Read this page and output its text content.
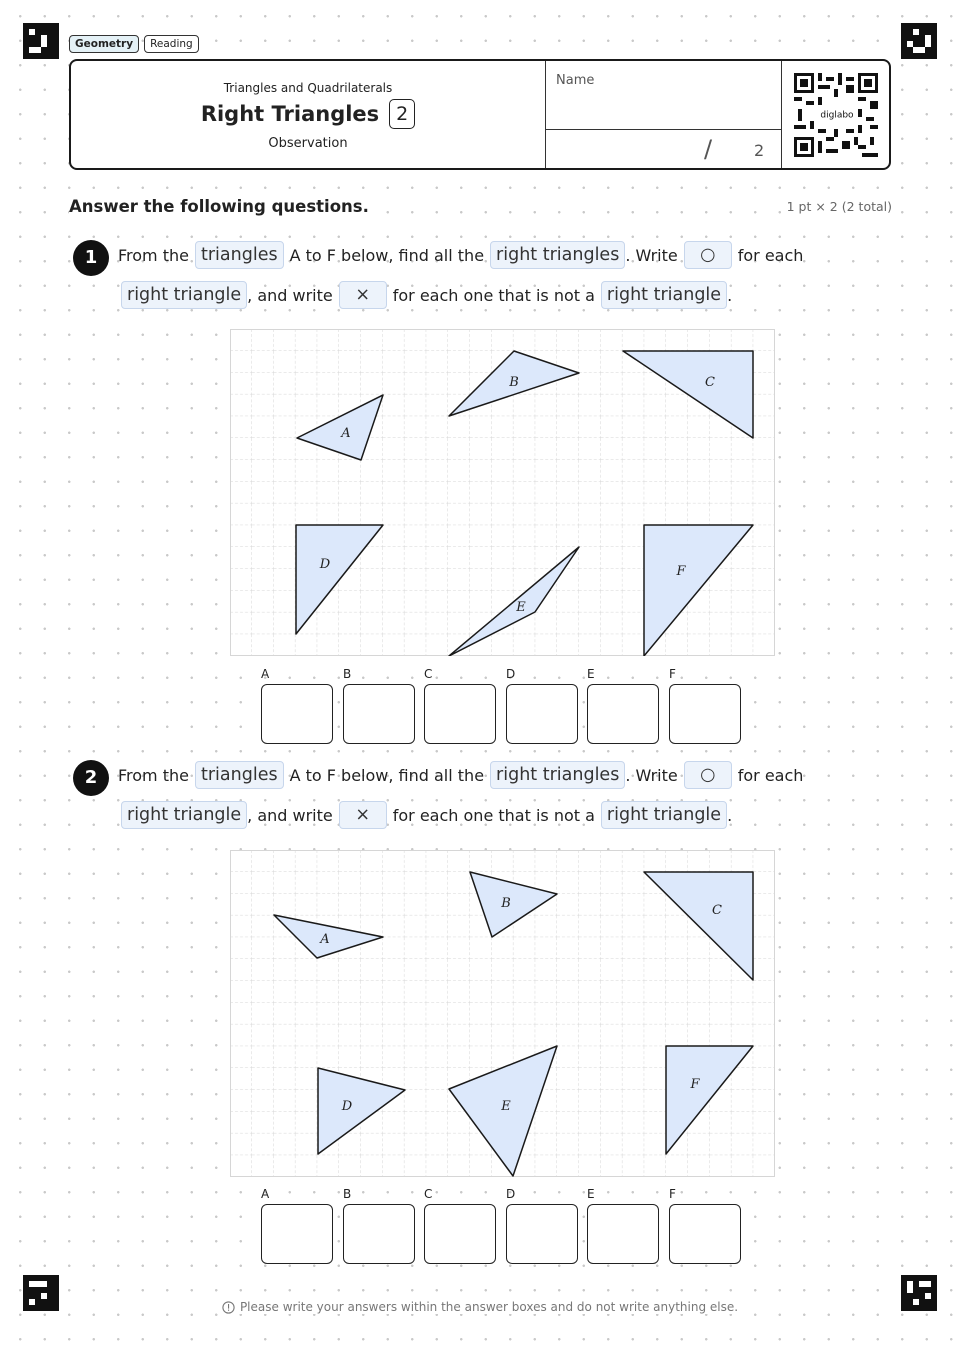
Geometry	Reading
Triangles and Quadrilaterals
Right Triangles 2
Observation
Name
/	2
diglabo
Answer the following questions.	1 pt × 2 (2 total)
1	From the triangles A to F below, find all the right triangles . Write	○	for each
right triangle , and write	×	for each one that is not a right triangle .
A
B	C
D
E
F
A	B	C	D	E	F
2	From the triangles A to F below, find all the right triangles . Write	○	for each
right triangle , and write	×	for each one that is not a right triangle .
A
B	C
D	E
F
A	B	C	D	E	F
Please write your answers within the answer boxes and do not write anything else.
